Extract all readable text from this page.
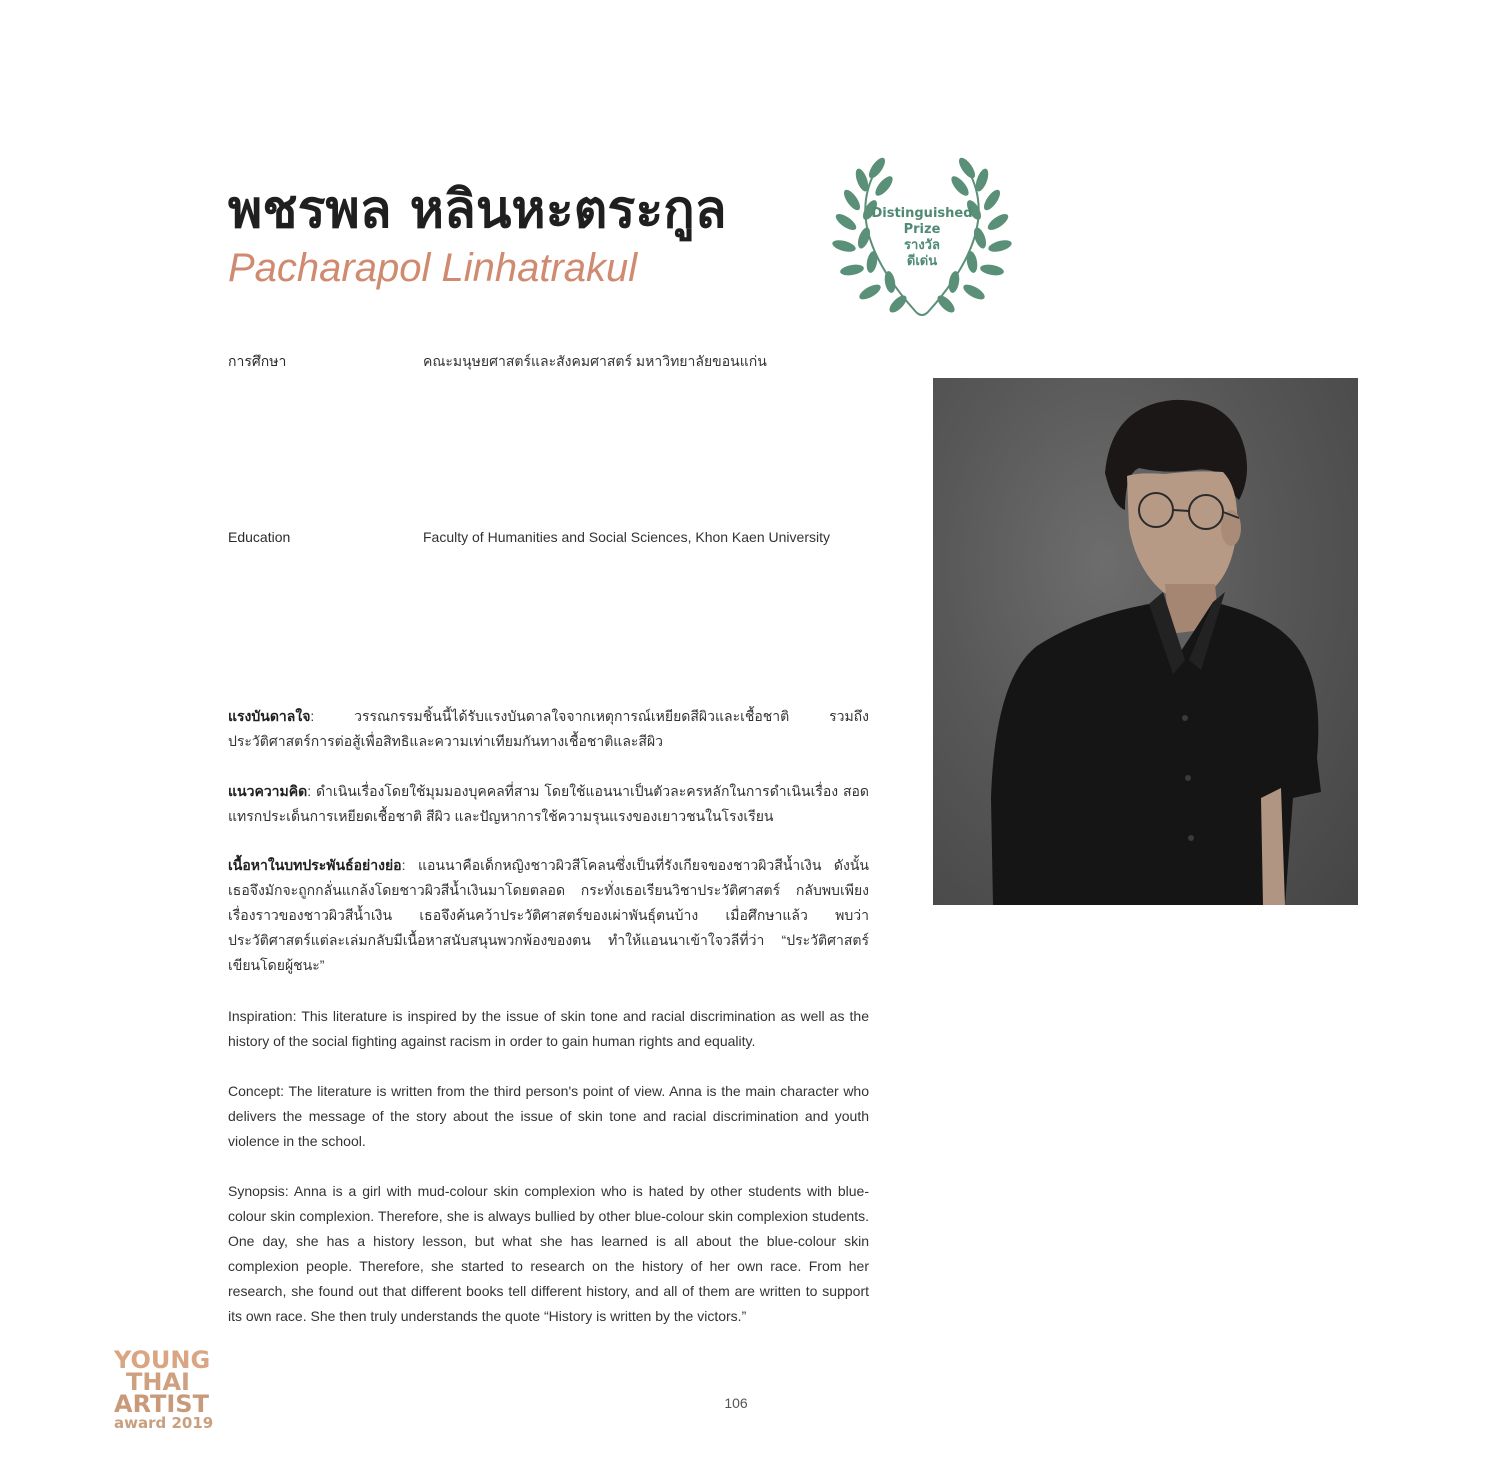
พชรพล หลินหะตระกูล
Pacharapol Linhatrakul
Distinguished
Prize
รางวัล
ดีเด่น
การศึกษา	คณะมนุษยศาสตร์และสังคมศาสตร์ มหาวิทยาลัยขอนแก่น
Education	Faculty of Humanities and Social Sciences, Khon Kaen University
แรงบันดาลใจ: วรรณกรรมชิ้นนี้ได้รับแรงบันดาลใจจากเหตุการณ์เหยียดสีผิวและเชื้อชาติ รวมถึงประวัติศาสตร์การต่อสู้เพื่อสิทธิและความเท่าเทียมกันทางเชื้อชาติและสีผิว
แนวความคิด: ดำเนินเรื่องโดยใช้มุมมองบุคคลที่สาม โดยใช้แอนนาเป็นตัวละครหลักในการดำเนินเรื่อง สอดแทรกประเด็นการเหยียดเชื้อชาติ สีผิว และปัญหาการใช้ความรุนแรงของเยาวชนในโรงเรียน
เนื้อหาในบทประพันธ์อย่างย่อ: แอนนาคือเด็กหญิงชาวผิวสีโคลนซึ่งเป็นที่รังเกียจของชาวผิวสีน้ำเงิน ดังนั้น เธอจึงมักจะถูกกลั่นแกล้งโดยชาวผิวสีน้ำเงินมาโดยตลอด กระทั่งเธอเรียนวิชาประวัติศาสตร์ กลับพบเพียงเรื่องราวของชาวผิวสีน้ำเงิน เธอจึงค้นคว้าประวัติศาสตร์ของเผ่าพันธุ์ตนบ้าง เมื่อศึกษาแล้ว พบว่าประวัติศาสตร์แต่ละเล่มกลับมีเนื้อหาสนับสนุนพวกพ้องของตน ทำให้แอนนาเข้าใจวลีที่ว่า “ประวัติศาสตร์เขียนโดยผู้ชนะ”
Inspiration: This literature is inspired by the issue of skin tone and racial discrimination as well as the history of the social fighting against racism in order to gain human rights and equality.
Concept: The literature is written from the third person's point of view. Anna is the main character who delivers the message of the story about the issue of skin tone and racial discrimination and youth violence in the school.
Synopsis: Anna is a girl with mud-colour skin complexion who is hated by other students with blue-colour skin complexion. Therefore, she is always bullied by other blue-colour skin complexion students. One day, she has a history lesson, but what she has learned is all about the blue-colour skin complexion people. Therefore, she started to research on the history of her own race. From her research, she found out that different books tell different history, and all of them are written to support its own race. She then truly understands the quote “History is written by the victors.”
YOUNG
THAI
ARTIST
award 2019
106
